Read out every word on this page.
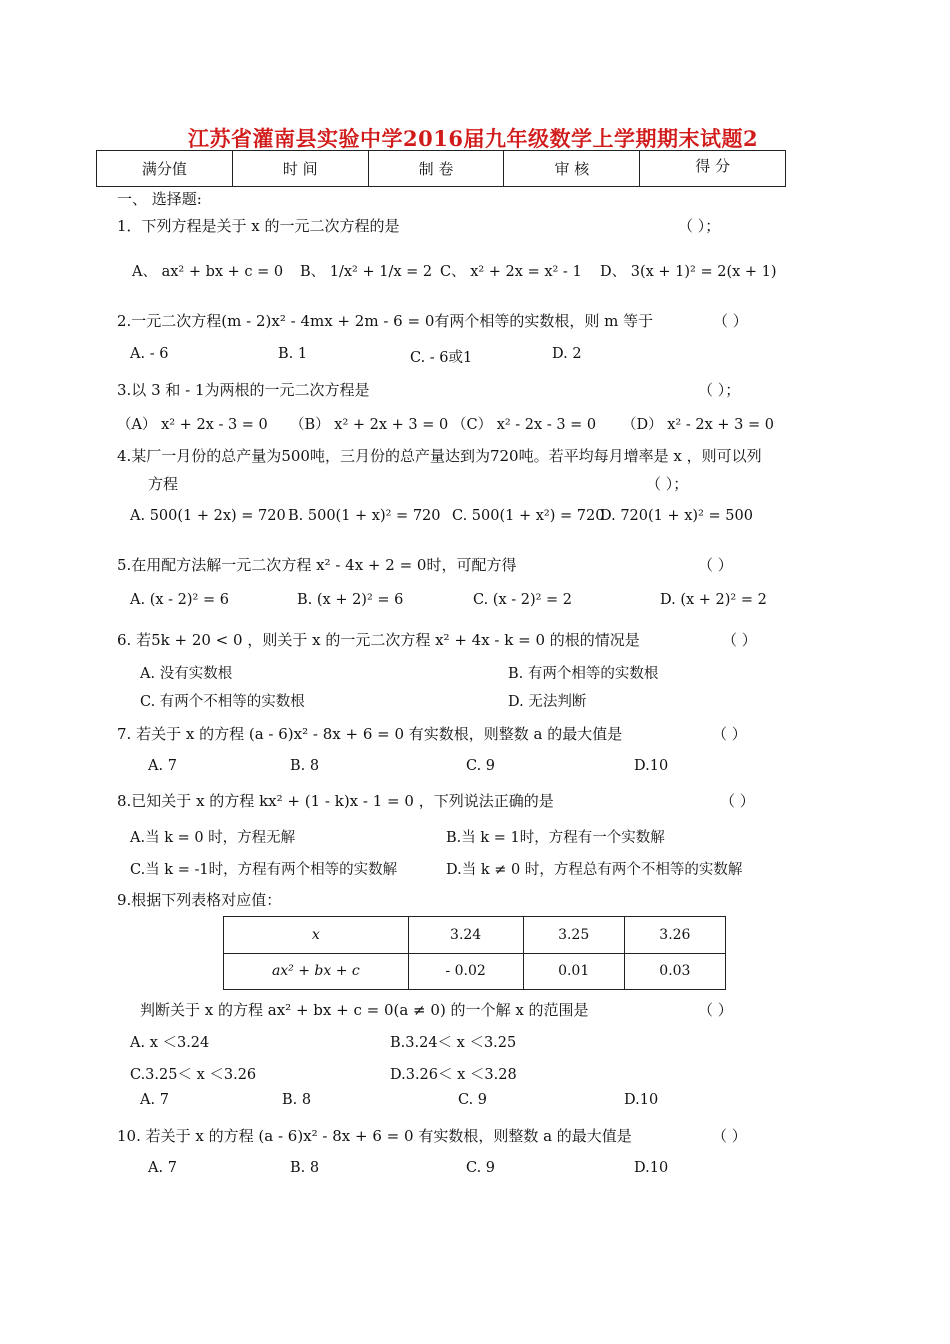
江苏省灌南县实验中学2016届九年级数学上学期期末试题2
满分值	时 间	制 卷	审 核	得 分
一、 选择题:
1．下列方程是关于 x 的一元二次方程的是	（ ）；
A、 ax² + bx + c = 0 B、 1/x² + 1/x = 2 C、 x² + 2x = x² - 1 D、 3(x + 1)² = 2(x + 1)
2.一元二次方程(m - 2)x² - 4mx + 2m - 6 = 0有两个相等的实数根，则 m 等于	（ ）
A. - 6	B. 1	C. - 6或1	D. 2
3.以 3 和 - 1为两根的一元二次方程是	（ ）；
（A） x² + 2x - 3 = 0 （B） x² + 2x + 3 = 0 （C） x² - 2x - 3 = 0 （D） x² - 2x + 3 = 0
4.某厂一月份的总产量为500吨，三月份的总产量达到为720吨。若平均每月增率是 x ，则可以列
方程	（ ）；
A. 500(1 + 2x) = 720 B. 500(1 + x)² = 720 C. 500(1 + x²) = 720
D. 720(1 + x)² = 500
5.在用配方法解一元二次方程 x² - 4x + 2 = 0时，可配方得	（ ）
A. (x - 2)² = 6	B. (x + 2)² = 6	C. (x - 2)² = 2	D. (x + 2)² = 2
6. 若5k + 20 < 0 ，则关于 x 的一元二次方程 x² + 4x - k = 0 的根的情况是	（ ）
A. 没有实数根	B. 有两个相等的实数根
C. 有两个不相等的实数根	D. 无法判断
7. 若关于 x 的方程 (a - 6)x² - 8x + 6 = 0 有实数根，则整数 a 的最大值是	（ ）
A. 7	B. 8	C. 9	D.10
8.已知关于 x 的方程 kx² + (1 - k)x - 1 = 0 ，下列说法正确的是	（ ）
A.当 k = 0 时，方程无解	B.当 k = 1时，方程有一个实数解
C.当 k = -1时，方程有两个相等的实数解	D.当 k ≠ 0 时，方程总有两个不相等的实数解
9.根据下列表格对应值：
x	3.24	3.25	3.26
ax² + bx + c	- 0.02	0.01	0.03
判断关于 x 的方程 ax² + bx + c = 0(a ≠ 0) 的一个解 x 的范围是	（ ）
A. x ＜3.24	B.3.24＜ x ＜3.25
C.3.25＜ x ＜3.26	D.3.26＜ x ＜3.28
A. 7	B. 8	C. 9	D.10
10. 若关于 x 的方程 (a - 6)x² - 8x + 6 = 0 有实数根，则整数 a 的最大值是	（ ）
A. 7	B. 8	C. 9	D.10
